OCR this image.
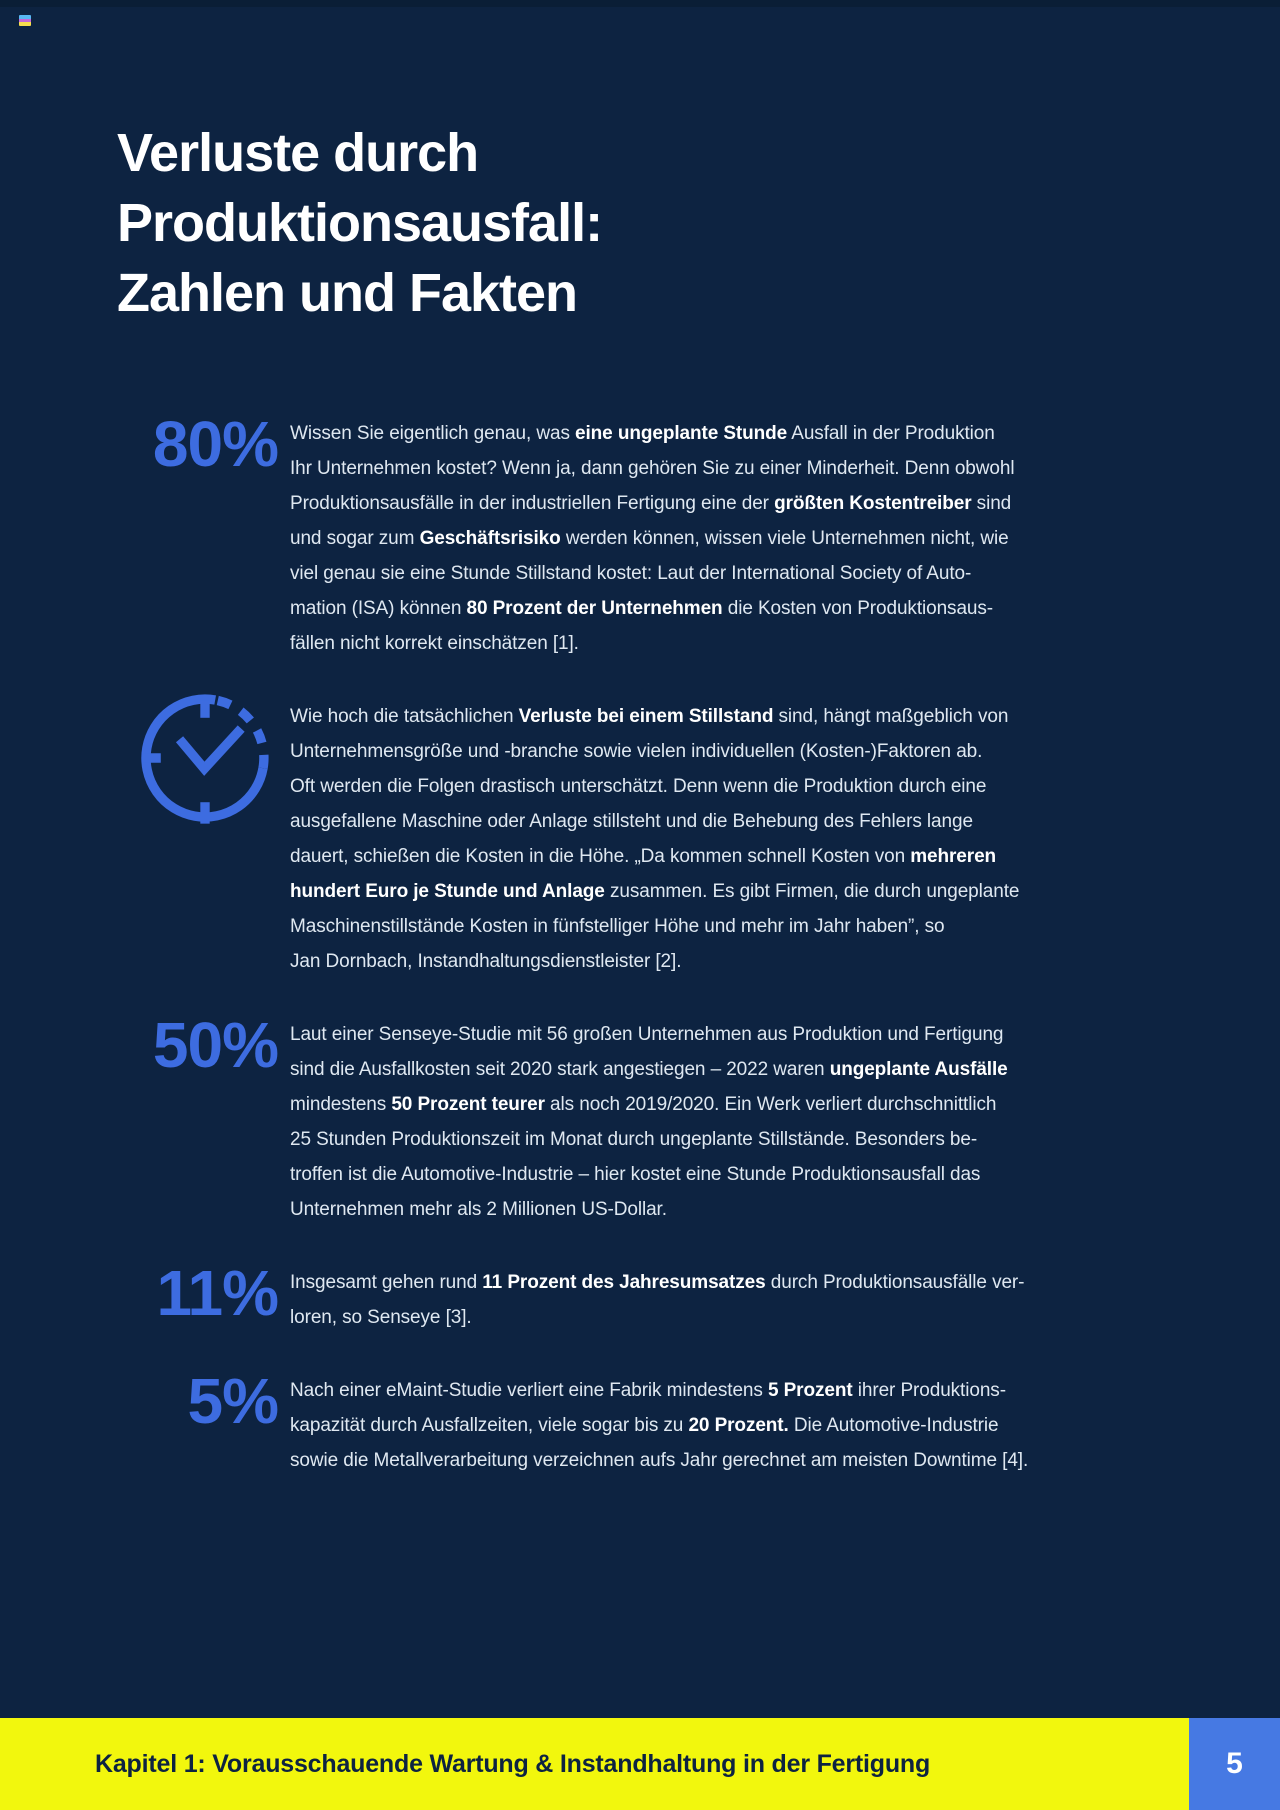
Verluste durch
Produktionsausfall:
Zahlen und Fakten
80% Wissen Sie eigentlich genau, was eine ungeplante Stunde Ausfall in der Produktion
Ihr Unternehmen kostet? Wenn ja, dann gehören Sie zu einer Minderheit. Denn obwohl
Produktionsausfälle in der industriellen Fertigung eine der größten Kostentreiber sind
und sogar zum Geschäftsrisiko werden können, wissen viele Unternehmen nicht, wie
viel genau sie eine Stunde Stillstand kostet: Laut der International Society of Auto-
mation (ISA) können 80 Prozent der Unternehmen die Kosten von Produktionsaus-
fällen nicht korrekt einschätzen [1].
Wie hoch die tatsächlichen Verluste bei einem Stillstand sind, hängt maßgeblich von
Unternehmensgröße und -branche sowie vielen individuellen (Kosten-)Faktoren ab.
Oft werden die Folgen drastisch unterschätzt. Denn wenn die Produktion durch eine
ausgefallene Maschine oder Anlage stillsteht und die Behebung des Fehlers lange
dauert, schießen die Kosten in die Höhe. „Da kommen schnell Kosten von mehreren
hundert Euro je Stunde und Anlage zusammen. Es gibt Firmen, die durch ungeplante
Maschinenstillstände Kosten in fünfstelliger Höhe und mehr im Jahr haben”, so
Jan Dornbach, Instandhaltungsdienstleister [2].
50% Laut einer Senseye-Studie mit 56 großen Unternehmen aus Produktion und Fertigung
sind die Ausfallkosten seit 2020 stark angestiegen – 2022 waren ungeplante Ausfälle
mindestens 50 Prozent teurer als noch 2019/2020. Ein Werk verliert durchschnittlich
25 Stunden Produktionszeit im Monat durch ungeplante Stillstände. Besonders be-
troffen ist die Automotive-Industrie – hier kostet eine Stunde Produktionsausfall das
Unternehmen mehr als 2 Millionen US-Dollar.
11% Insgesamt gehen rund 11 Prozent des Jahresumsatzes durch Produktionsausfälle ver-
loren, so Senseye [3].
5% Nach einer eMaint-Studie verliert eine Fabrik mindestens 5 Prozent ihrer Produktions-
kapazität durch Ausfallzeiten, viele sogar bis zu 20 Prozent. Die Automotive-Industrie
sowie die Metallverarbeitung verzeichnen aufs Jahr gerechnet am meisten Downtime [4].
Kapitel 1: Vorausschauende Wartung & Instandhaltung in der Fertigung	5
